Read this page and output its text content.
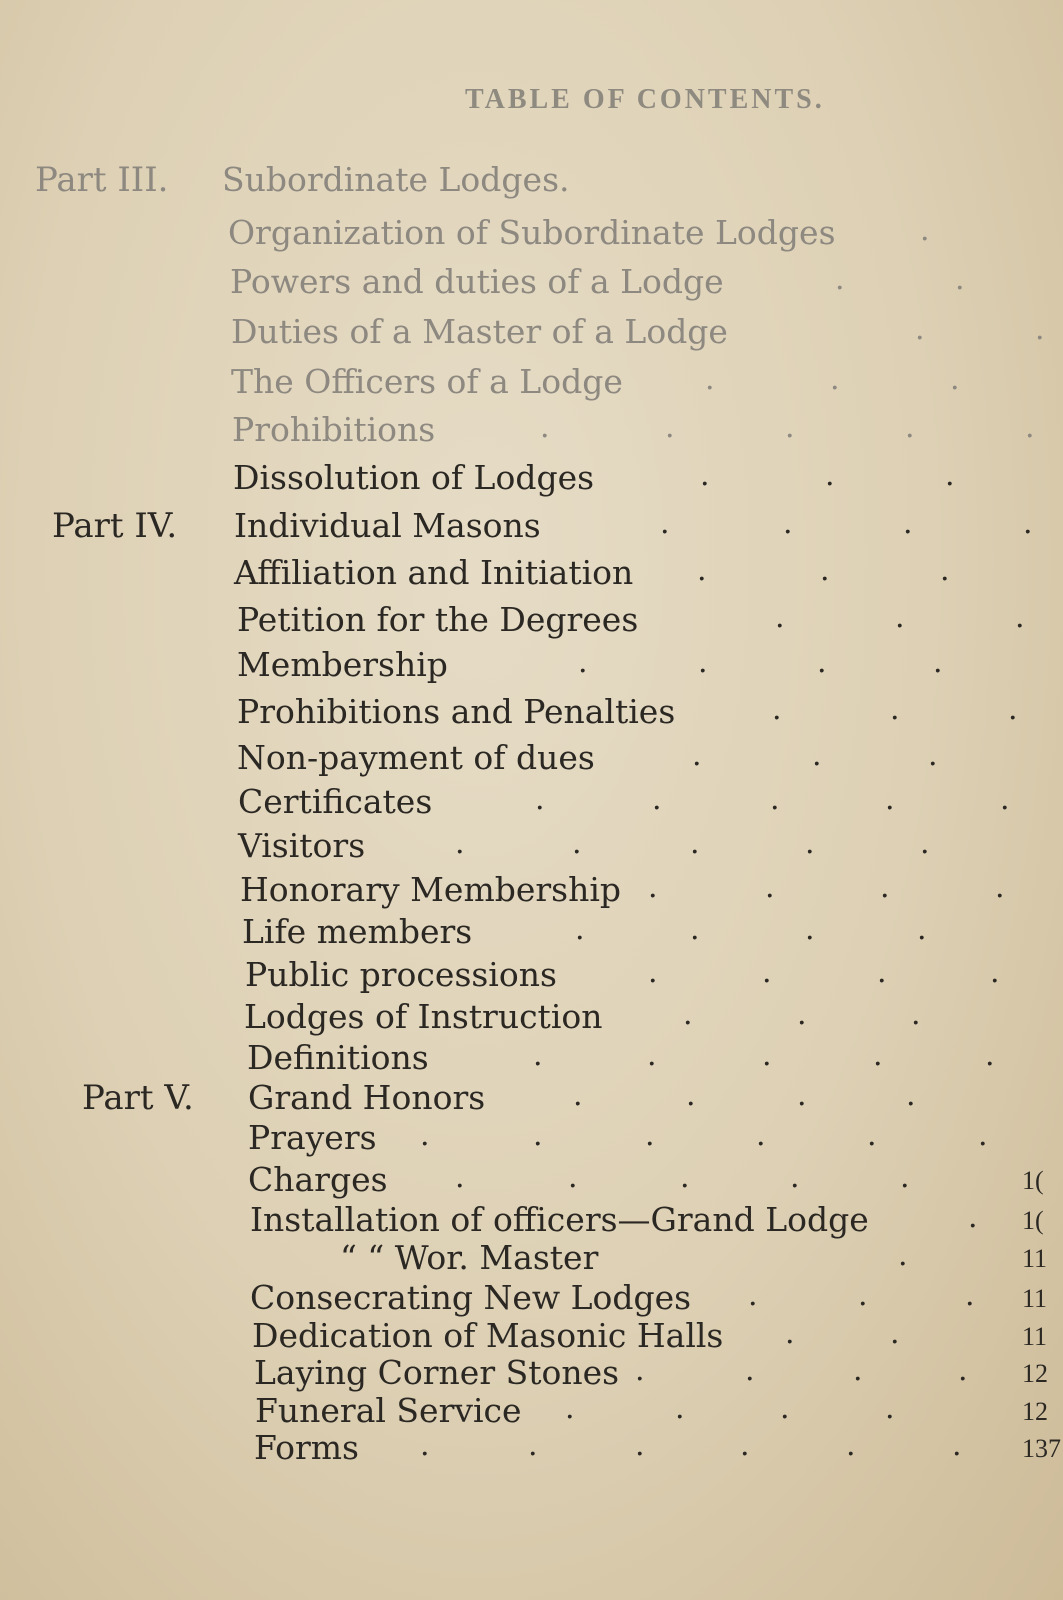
TABLE OF CONTENTS.
Part III. Subordinate Lodges.
Organization of Subordinate Lodges	.
Powers and duties of a Lodge	.	.
Duties of a Master of a Lodge	.	.
The Officers of a Lodge	.	.	.
Prohibitions	.	.	.	.	.
Dissolution of Lodges	.	.	.
Part IV. Individual Masons	.	.	.	.
Affiliation and Initiation .	.	.
Petition for the Degrees	.	.	.
Membership	.	.	.	.
Prohibitions and Penalties	.	.	.
Non-payment of dues	.	.	.
Certificates	.	.	.	.	.
Visitors	.	.	.	.	.
Honorary Membership .	.	.	.
Life members	.	.	.	.
Public processions	.	.	.	.
Lodges of Instruction	.	.	.
Definitions	.	.	.	.	.
Part V. Grand Honors	.	.	.	.
Prayers .	.	.	.	.	.
Charges .	.	.	.	.	1(
Installation of officers—Grand Lodge	. 1(
“ “ Wor. Master	.	11
Consecrating New Lodges .	.	. 11
Dedication of Masonic Halls .	.	11
Laying Corner Stones .	.	.	. 12
Funeral Service .	.	.	.	12
Forms .	.	.	.	.	. 137
